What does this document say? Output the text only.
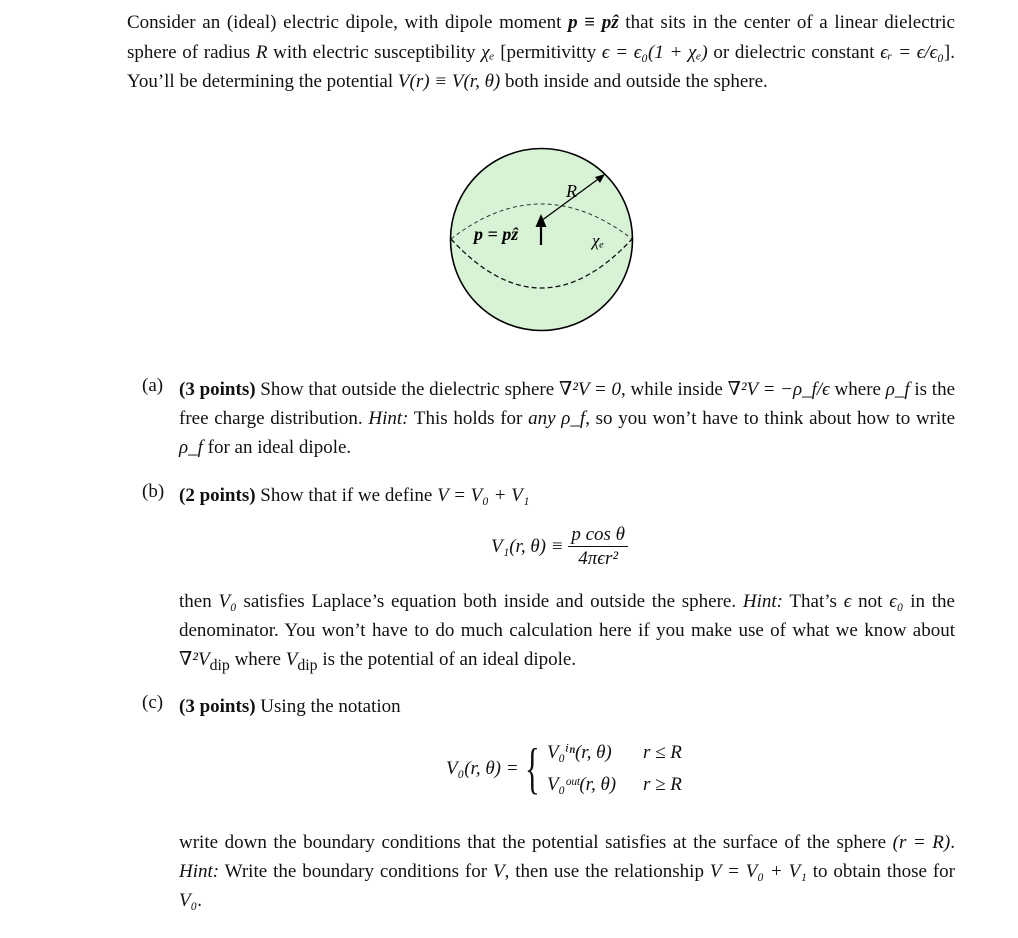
Consider an (ideal) electric dipole, with dipole moment p ≡ pẑ that sits in the center of a linear dielectric sphere of radius R with electric susceptibility χₑ [permitivitty ϵ = ϵ₀(1 + χₑ) or dielectric constant ϵᵣ = ϵ/ϵ₀]. You’ll be determining the potential V(r) ≡ V(r, θ) both inside and outside the sphere.
R
p = pẑ	χₑ
(a) (3 points) Show that outside the dielectric sphere ∇²V = 0, while inside ∇²V = −ρ_f/ϵ where ρ_f is the free charge distribution. Hint: This holds for any ρ_f, so you won’t have to think about how to write ρ_f for an ideal dipole.
(b) (2 points) Show that if we define V = V₀ + V₁
V₁(r, $\theta) \equiv \frac{\text{p cos θ}}{\text{4πϵr²}}$
then V₀ satisfies Laplace’s equation both inside and outside the sphere. Hint: That’s ϵ not ϵ₀ in the denominator. You won’t have to do much calculation here if you make use of what we know about $\nabla^2V_{dip}$ where $V_{dip}$ is the potential of an ideal dipole.
(c) (3 points) Using the notation
V₀(r, θ) = { V₀ⁱⁿ(r, θ)	r ≤ R
V₀ᵒᵘᵗ(r, θ)	r ≥ R
write down the boundary conditions that the potential satisfies at the surface of the sphere (r = R). Hint: Write the boundary conditions for V, then use the relationship V = V₀ + V₁ to obtain those for V₀.
